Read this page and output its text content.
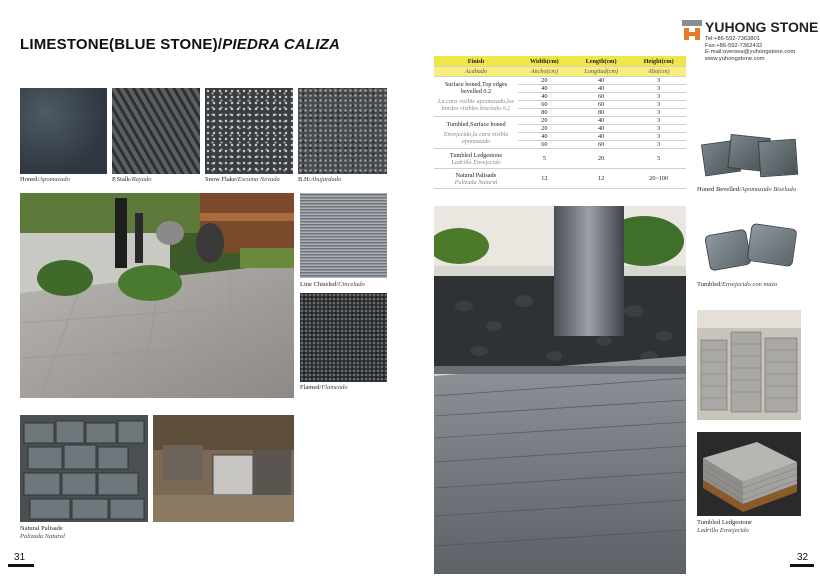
LIMESTONE(BLUE STONE)/PIEDRA CALIZA
Honed/Apomazado	P.Stalk/Rayado	Snow Flake/Escuma Nevada	B.H/Abujardado
Line Chiseled/Cincelado
Flamed/Flameado
Natural Palisade
Palizada Natural
31
YUHONG STONE
Tel:+86-592-7363801
Fax:+86-592-7362432
E-mail:oversea@yuhongstone.com
www.yuhongstone.com
Finish	Width(cm)	Length(cm)	Height(cm)
Acabado	Ancho(cm)	Longitud(cm)	Alto(cm)

Surface honed,Top edges bevelled 0.2
La cara visible apomazado,los bordes visibles biselado 0.2	20	40	3
	40	40	3
	40	60	3
	60	60	3
	80	80	3

Tumbled,Surface honed
Envejecido,la cara visible apomazado	20	40	3
	20	40	3
	40	40	3
	60	60	3

Tumbled Ledgestone
Ladrillo Envejecido	5	20	5

Natural Palisade
Palizada Natural	12	12	20~100
Honed Bevelled/Apomazado Biselado
Tumbled/Envejecido con mazo
Tumbled Ledgestone
Ladrillo Envejecido
32
